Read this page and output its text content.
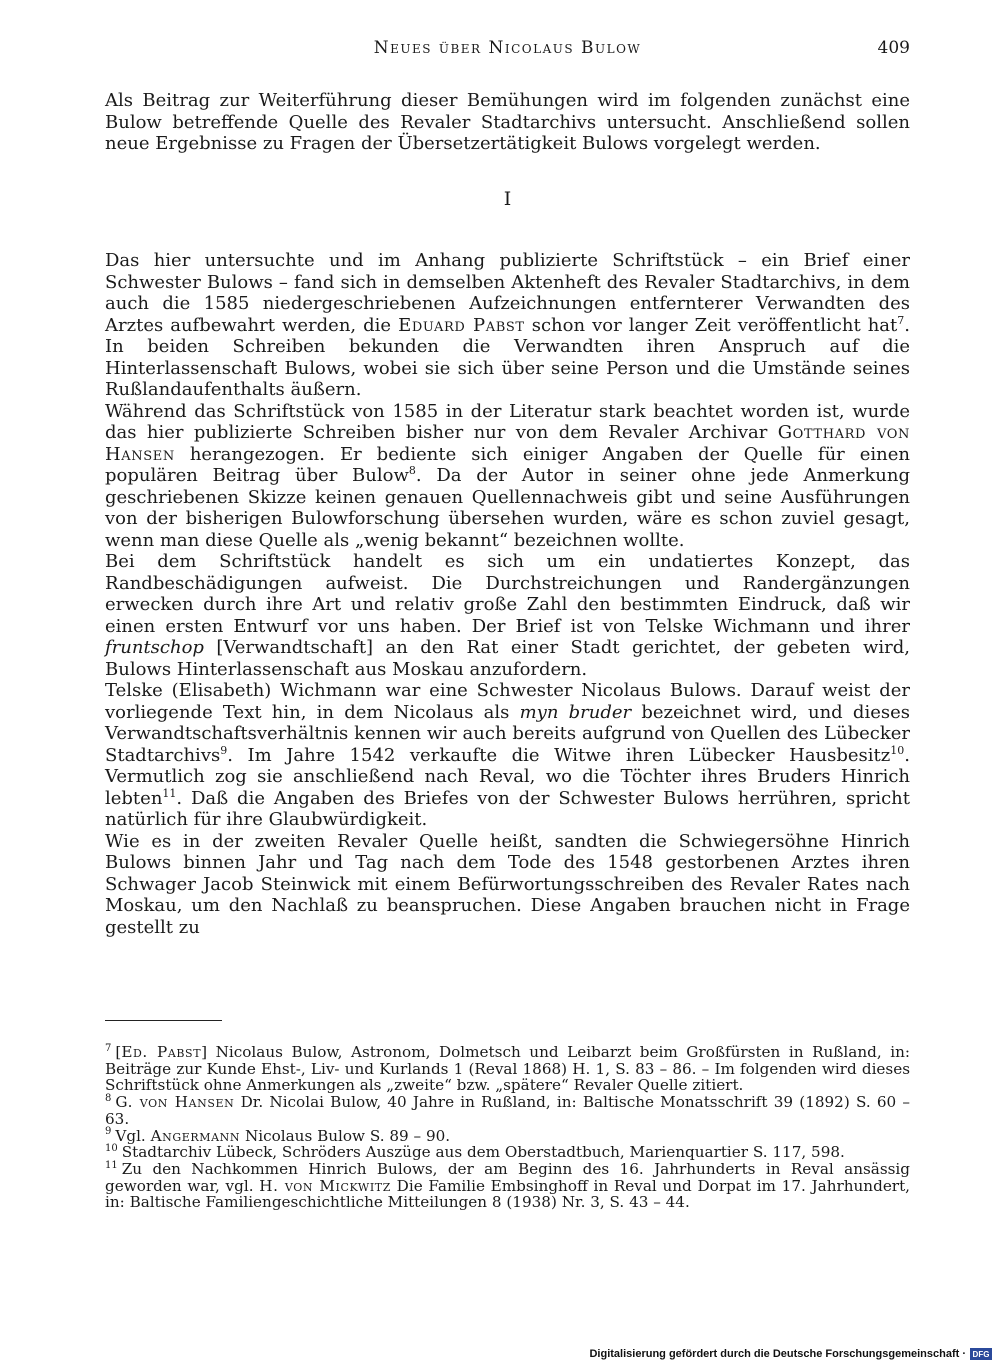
Neues über Nicolaus Bulow	409

Als Beitrag zur Weiterführung dieser Bemühungen wird im folgenden zunächst eine Bulow betreffende Quelle des Revaler Stadtarchivs untersucht. Anschließend sollen neue Ergebnisse zu Fragen der Übersetzertätigkeit Bulows vorgelegt werden.

I

Das hier untersuchte und im Anhang publizierte Schriftstück – ein Brief einer Schwester Bulows – fand sich in demselben Aktenheft des Revaler Stadtarchivs, in dem auch die 1585 niedergeschriebenen Aufzeichnungen entfernterer Verwandten des Arztes aufbewahrt werden, die Eduard Pabst schon vor langer Zeit veröffentlicht hat$^7$. In beiden Schreiben bekunden die Verwandten ihren Anspruch auf die Hinterlassenschaft Bulows, wobei sie sich über seine Person und die Umstände seines Rußlandaufenthalts äußern.

Während das Schriftstück von 1585 in der Literatur stark beachtet worden ist, wurde das hier publizierte Schreiben bisher nur von dem Revaler Archivar Gotthard von Hansen herangezogen. Er bediente sich einiger Angaben der Quelle für einen populären Beitrag über Bulow$^8$. Da der Autor in seiner ohne jede Anmerkung geschriebenen Skizze keinen genauen Quellennachweis gibt und seine Ausführungen von der bisherigen Bulowforschung übersehen wurden, wäre es schon zuviel gesagt, wenn man diese Quelle als „wenig bekannt“ bezeichnen wollte.

Bei dem Schriftstück handelt es sich um ein undatiertes Konzept, das Randbeschädigungen aufweist. Die Durchstreichungen und Randergänzungen erwecken durch ihre Art und relativ große Zahl den bestimmten Eindruck, daß wir einen ersten Entwurf vor uns haben. Der Brief ist von Telske Wichmann und ihrer fruntschop [Verwandtschaft] an den Rat einer Stadt gerichtet, der gebeten wird, Bulows Hinterlassenschaft aus Moskau anzufordern.

Telske (Elisabeth) Wichmann war eine Schwester Nicolaus Bulows. Darauf weist der vorliegende Text hin, in dem Nicolaus als myn bruder bezeichnet wird, und dieses Verwandtschaftsverhältnis kennen wir auch bereits aufgrund von Quellen des Lübecker Stadtarchivs$^9$. Im Jahre 1542 verkaufte die Witwe ihren Lübecker Hausbesitz$^{10}$. Vermutlich zog sie anschließend nach Reval, wo die Töchter ihres Bruders Hinrich lebten$^{11}$. Daß die Angaben des Briefes von der Schwester Bulows herrühren, spricht natürlich für ihre Glaubwürdigkeit.

Wie es in der zweiten Revaler Quelle heißt, sandten die Schwiegersöhne Hinrich Bulows binnen Jahr und Tag nach dem Tode des 1548 gestorbenen Arztes ihren Schwager Jacob Steinwick mit einem Befürwortungsschreiben des Revaler Rates nach Moskau, um den Nachlaß zu beanspruchen. Diese Angaben brauchen nicht in Frage gestellt zu

$^7$ [Ed. Pabst] Nicolaus Bulow, Astronom, Dolmetsch und Leibarzt beim Großfürsten in Rußland, in: Beiträge zur Kunde Ehst-, Liv- und Kurlands 1 (Reval 1868) H. 1, S. 83 – 86. – Im folgenden wird dieses Schriftstück ohne Anmerkungen als „zweite“ bzw. „spätere“ Revaler Quelle zitiert.

$^8$ G. von Hansen Dr. Nicolai Bulow, 40 Jahre in Rußland, in: Baltische Monatsschrift 39 (1892) S. 60 – 63.

$^9$ Vgl. Angermann Nicolaus Bulow S. 89 – 90.

$^{10}$ Stadtarchiv Lübeck, Schröders Auszüge aus dem Oberstadtbuch, Marienquartier S. 117, 598.

$^{11}$ Zu den Nachkommen Hinrich Bulows, der am Beginn des 16. Jahrhunderts in Reval ansässig geworden war, vgl. H. von Mickwitz Die Familie Embsinghoff in Reval und Dorpat im 17. Jahrhundert, in: Baltische Familiengeschichtliche Mitteilungen 8 (1938) Nr. 3, S. 43 – 44.

Digitalisierung gefördert durch die Deutsche Forschungsgemeinschaft · DFG
